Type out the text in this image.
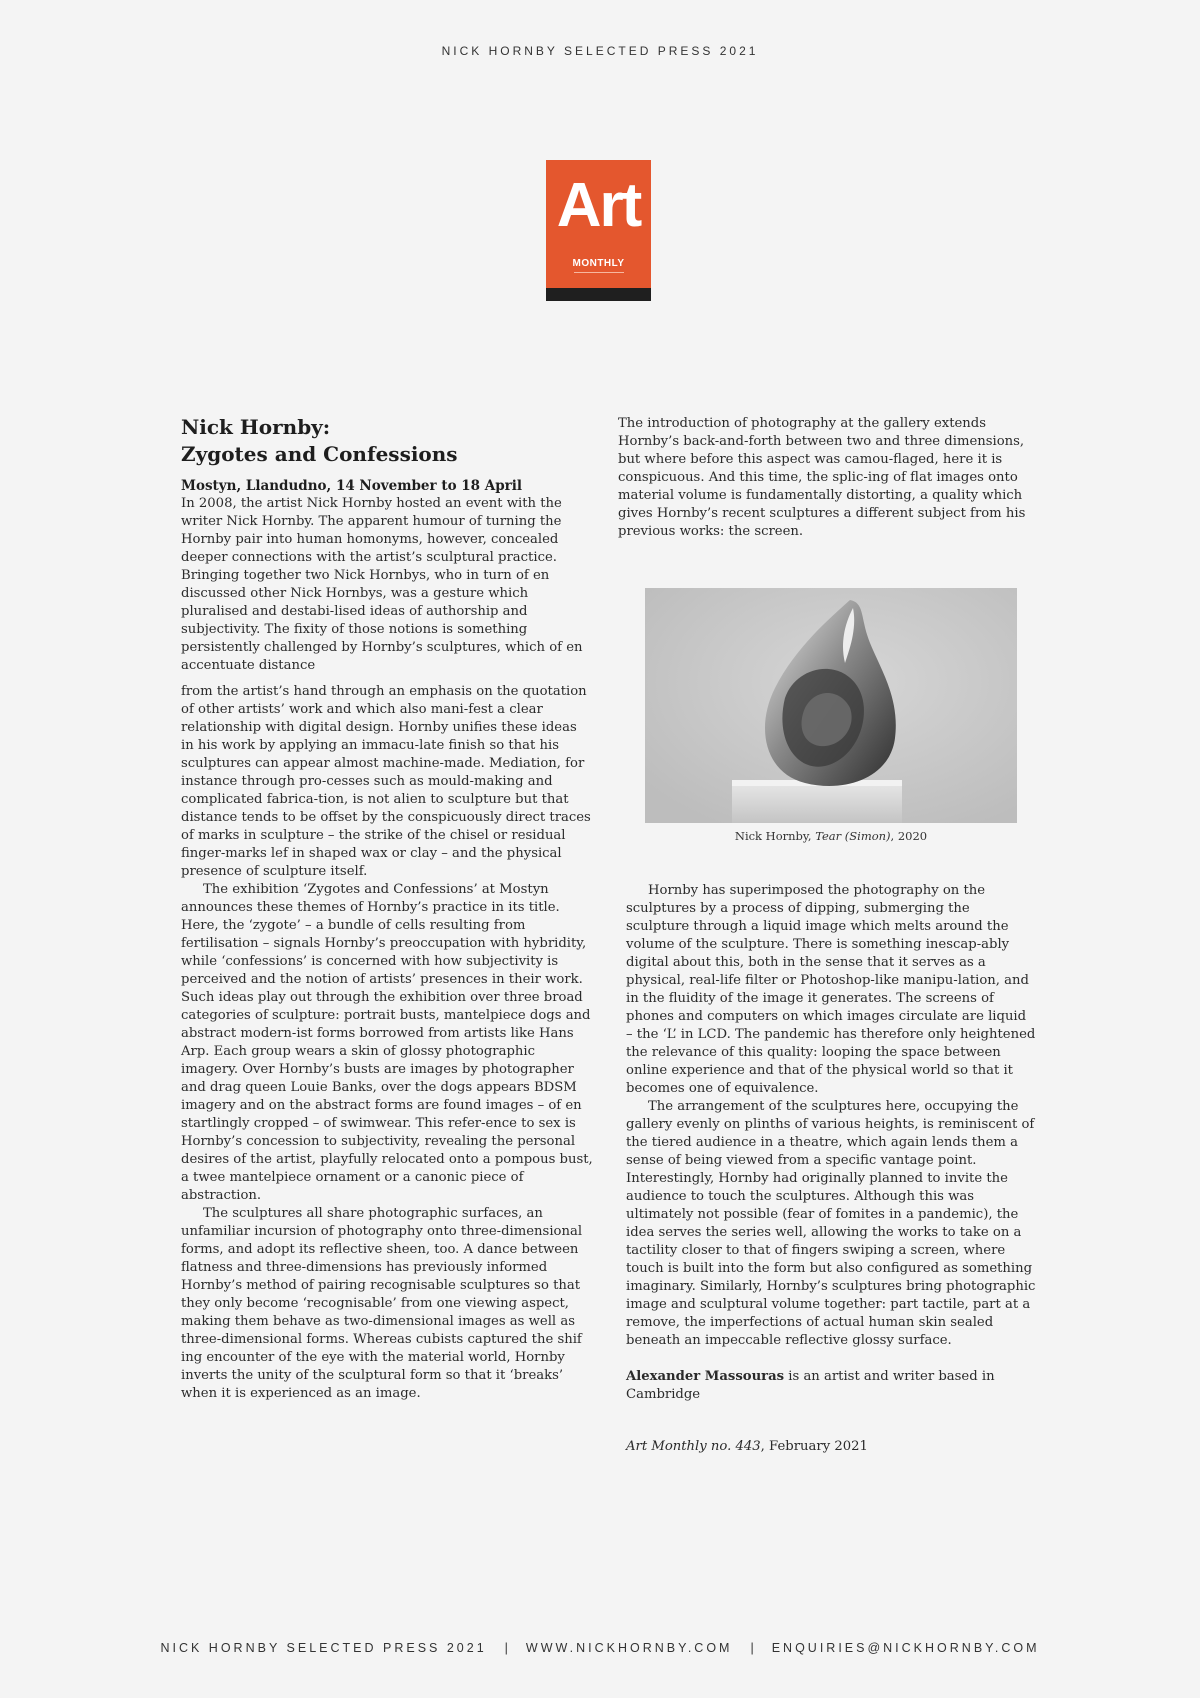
NICK HORNBY SELECTED PRESS 2021
Art
MONTHLY
Nick Hornby:
Zygotes and Confessions

Mostyn, Llandudno, 14 November to 18 April

In 2008, the artist Nick Hornby hosted an event with the writer Nick Hornby. The apparent humour of turning the Hornby pair into human homonyms, however, concealed deeper connections with the artist’s sculptural practice. Bringing together two Nick Hornbys, who in turn of en discussed other Nick Hornbys, was a gesture which pluralised and destabi-lised ideas of authorship and subjectivity. The fixity of those notions is something persistently challenged by Hornby’s sculptures, which of en accentuate distance

from the artist’s hand through an emphasis on the quotation of other artists’ work and which also mani-fest a clear relationship with digital design. Hornby unifies these ideas in his work by applying an immacu-late finish so that his sculptures can appear almost machine-made. Mediation, for instance through pro-cesses such as mould-making and complicated fabrica-tion, is not alien to sculpture but that distance tends to be offset by the conspicuously direct traces of marks in sculpture – the strike of the chisel or residual finger-marks lef in shaped wax or clay – and the physical presence of sculpture itself.

The exhibition ‘Zygotes and Confessions’ at Mostyn announces these themes of Hornby’s practice in its title. Here, the ‘zygote’ – a bundle of cells resulting from fertilisation – signals Hornby’s preoccupation with hybridity, while ‘confessions’ is concerned with how subjectivity is perceived and the notion of artists’ presences in their work. Such ideas play out through the exhibition over three broad categories of sculpture: portrait busts, mantelpiece dogs and abstract modern-ist forms borrowed from artists like Hans Arp. Each group wears a skin of glossy photographic imagery. Over Hornby’s busts are images by photographer and drag queen Louie Banks, over the dogs appears BDSM imagery and on the abstract forms are found images – of en startlingly cropped – of swimwear. This refer-ence to sex is Hornby’s concession to subjectivity, revealing the personal desires of the artist, playfully relocated onto a pompous bust, a twee mantelpiece ornament or a canonic piece of abstraction.

The sculptures all share photographic surfaces, an unfamiliar incursion of photography onto three-dimensional forms, and adopt its reflective sheen, too. A dance between flatness and three-dimensions has previously informed Hornby’s method of pairing recognisable sculptures so that they only become ‘recognisable’ from one viewing aspect, making them behave as two-dimensional images as well as three-dimensional forms. Whereas cubists captured the shif ing encounter of the eye with the material world, Hornby inverts the unity of the sculptural form so that it ‘breaks’ when it is experienced as an image.

The introduction of photography at the gallery extends Hornby’s back-and-forth between two and three dimensions, but where before this aspect was camou-flaged, here it is conspicuous. And this time, the splic-ing of flat images onto material volume is fundamentally distorting, a quality which gives Hornby’s recent sculptures a different subject from his previous works: the screen.

Nick Hornby, Tear (Simon), 2020

Hornby has superimposed the photography on the sculptures by a process of dipping, submerging the sculpture through a liquid image which melts around the volume of the sculpture. There is something inescap-ably digital about this, both in the sense that it serves as a physical, real-life filter or Photoshop-like manipu-lation, and in the fluidity of the image it generates. The screens of phones and computers on which images circulate are liquid – the ‘L’ in LCD. The pandemic has therefore only heightened the relevance of this quality: looping the space between online experience and that of the physical world so that it becomes one of equivalence.

The arrangement of the sculptures here, occupying the gallery evenly on plinths of various heights, is reminiscent of the tiered audience in a theatre, which again lends them a sense of being viewed from a specific vantage point. Interestingly, Hornby had originally planned to invite the audience to touch the sculptures. Although this was ultimately not possible (fear of fomites in a pandemic), the idea serves the series well, allowing the works to take on a tactility closer to that of fingers swiping a screen, where touch is built into the form but also configured as something imaginary. Similarly, Hornby’s sculptures bring photographic image and sculptural volume together: part tactile, part at a remove, the imperfections of actual human skin sealed beneath an impeccable reflective glossy surface.

Alexander Massouras is an artist and writer based in Cambridge

Art Monthly no. 443, February 2021

NICK HORNBY SELECTED PRESS 2021 | WWW.NICKHORNBY.COM | ENQUIRIES@NICKHORNBY.COM
